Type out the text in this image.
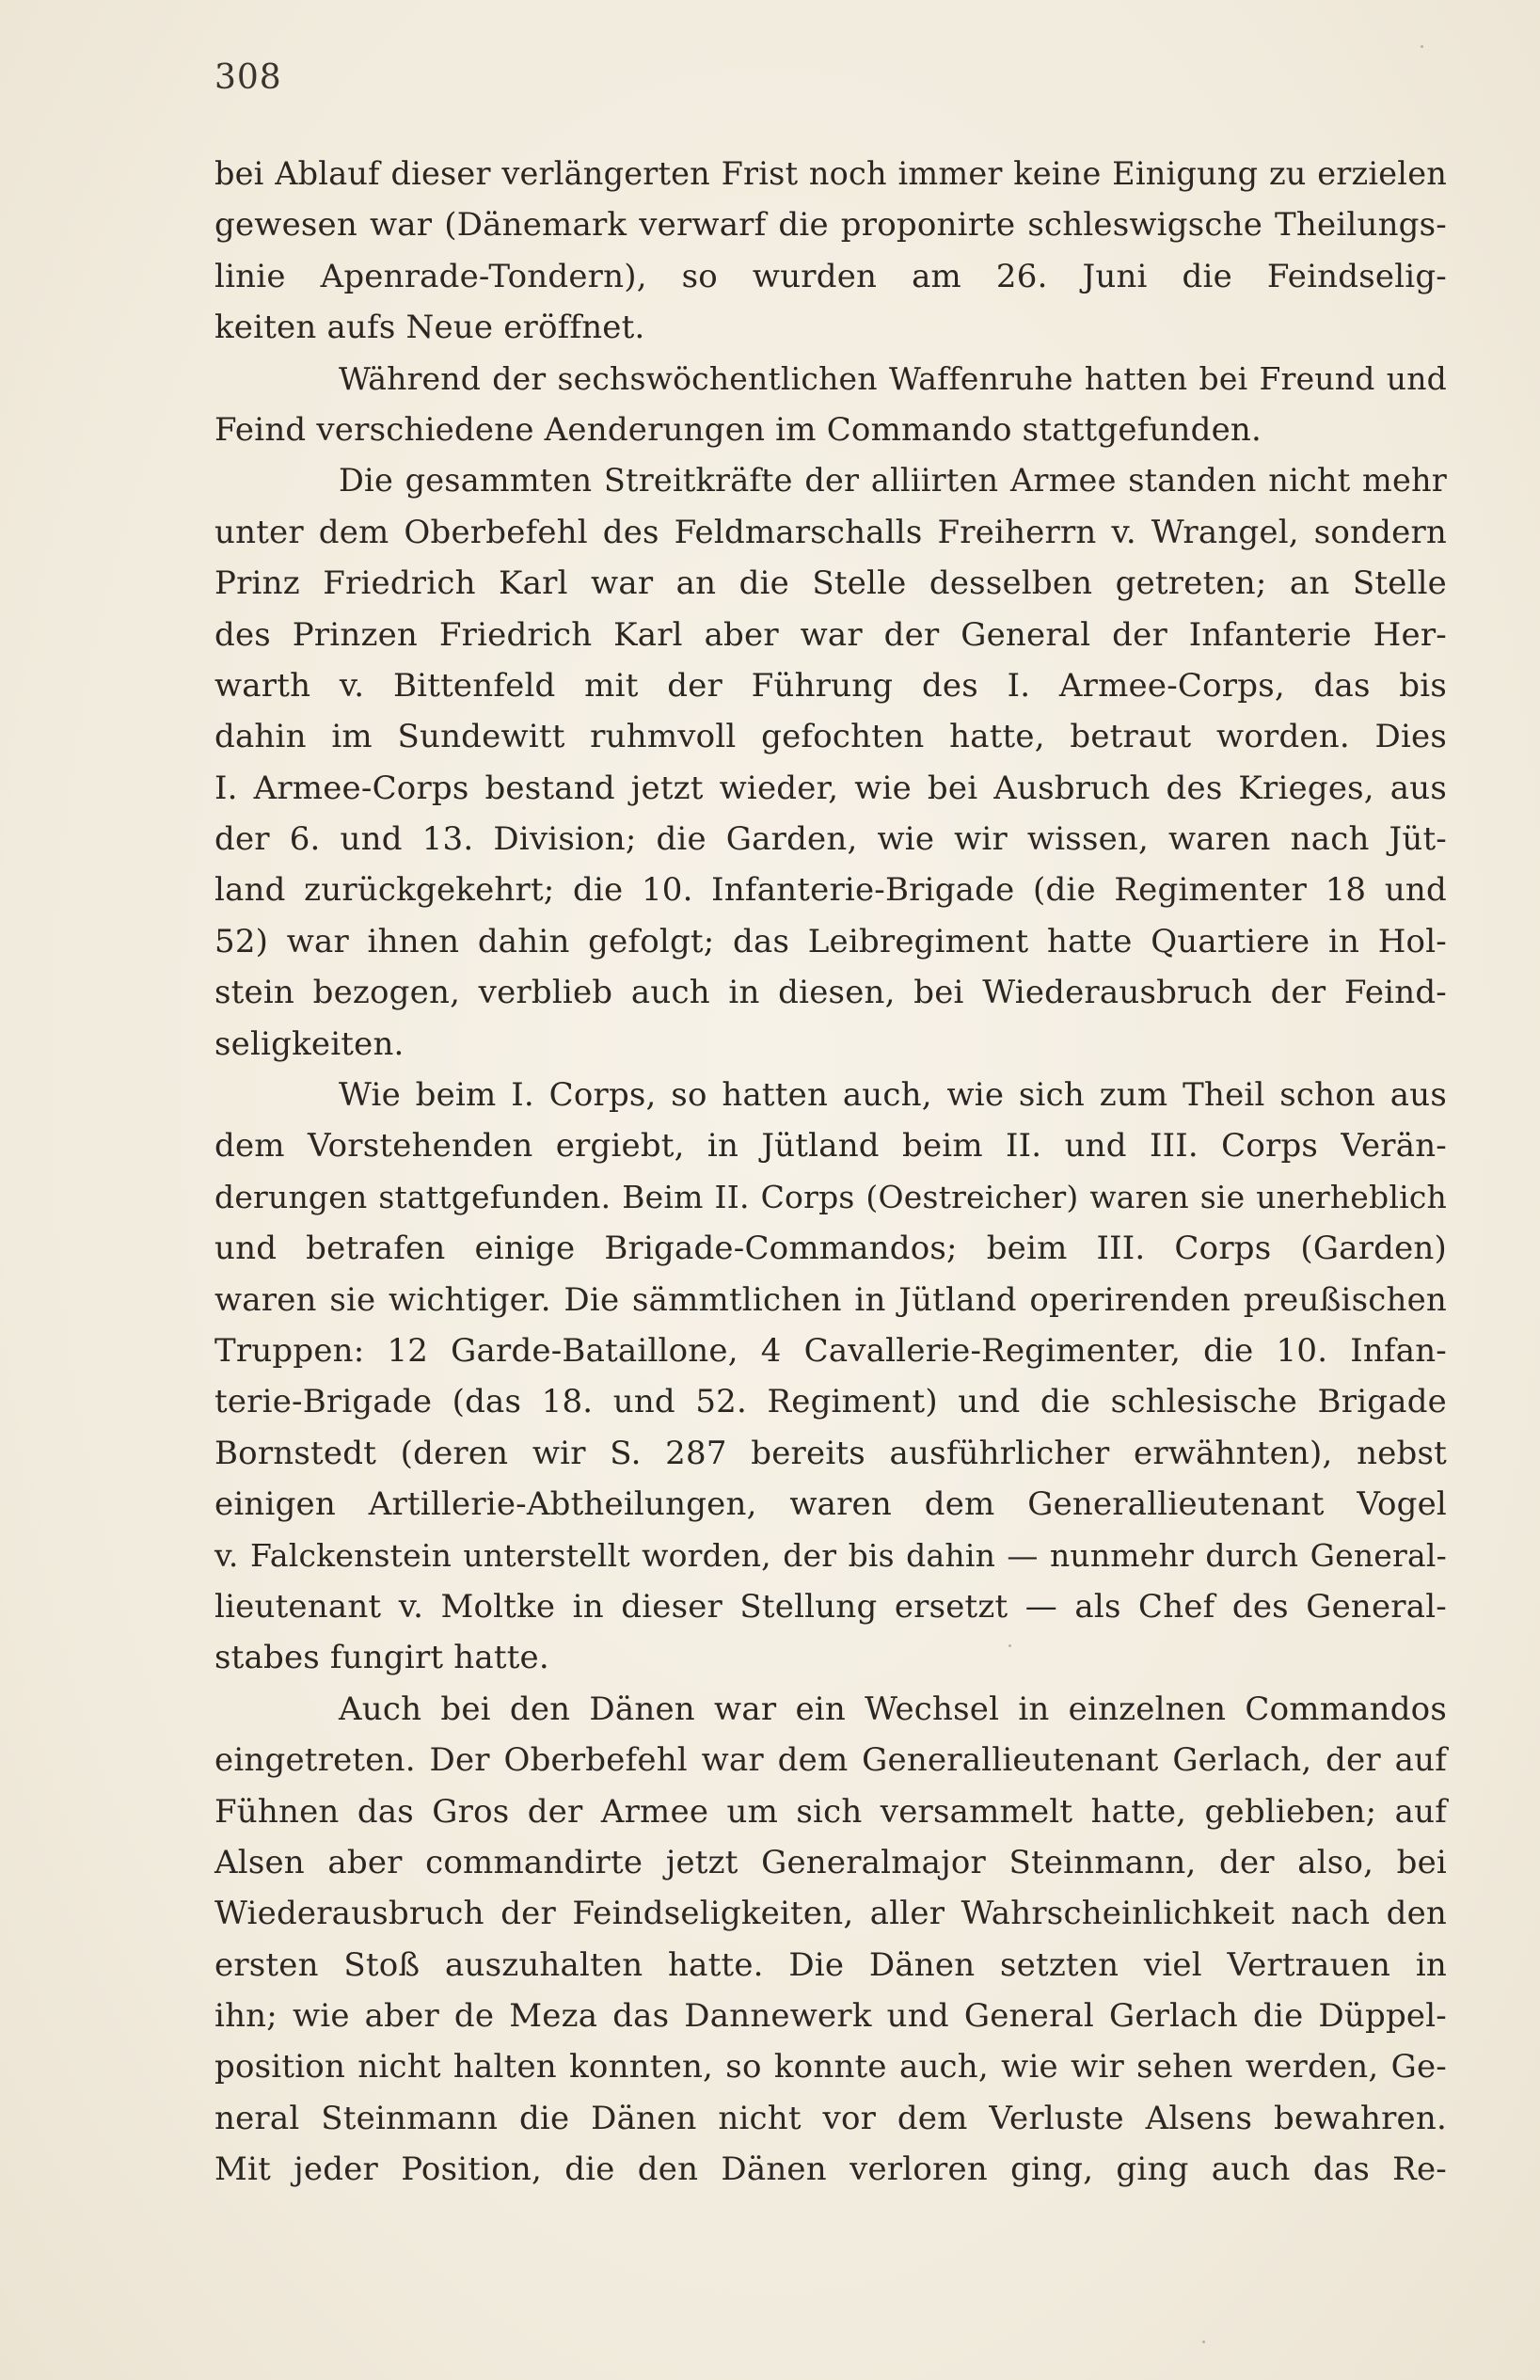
308
bei Ablauf dieser verlängerten Frist noch immer keine Einigung zu erzielen
gewesen war (Dänemark verwarf die proponirte schleswigsche Theilungs-
linie Apenrade-Tondern), so wurden am 26. Juni die Feindselig-
keiten aufs Neue eröffnet.
Während der sechswöchentlichen Waffenruhe hatten bei Freund und
Feind verschiedene Aenderungen im Commando stattgefunden.
Die gesammten Streitkräfte der alliirten Armee standen nicht mehr
unter dem Oberbefehl des Feldmarschalls Freiherrn v. Wrangel, sondern
Prinz Friedrich Karl war an die Stelle desselben getreten; an Stelle
des Prinzen Friedrich Karl aber war der General der Infanterie Her-
warth v. Bittenfeld mit der Führung des I. Armee-Corps, das bis
dahin im Sundewitt ruhmvoll gefochten hatte, betraut worden. Dies
I. Armee-Corps bestand jetzt wieder, wie bei Ausbruch des Krieges, aus
der 6. und 13. Division; die Garden, wie wir wissen, waren nach Jüt-
land zurückgekehrt; die 10. Infanterie-Brigade (die Regimenter 18 und
52) war ihnen dahin gefolgt; das Leibregiment hatte Quartiere in Hol-
stein bezogen, verblieb auch in diesen, bei Wiederausbruch der Feind-
seligkeiten.
Wie beim I. Corps, so hatten auch, wie sich zum Theil schon aus
dem Vorstehenden ergiebt, in Jütland beim II. und III. Corps Verän-
derungen stattgefunden. Beim II. Corps (Oestreicher) waren sie unerheblich
und betrafen einige Brigade-Commandos; beim III. Corps (Garden)
waren sie wichtiger. Die sämmtlichen in Jütland operirenden preußischen
Truppen: 12 Garde-Bataillone, 4 Cavallerie-Regimenter, die 10. Infan-
terie-Brigade (das 18. und 52. Regiment) und die schlesische Brigade
Bornstedt (deren wir S. 287 bereits ausführlicher erwähnten), nebst
einigen Artillerie-Abtheilungen, waren dem Generallieutenant Vogel
v. Falckenstein unterstellt worden, der bis dahin — nunmehr durch General-
lieutenant v. Moltke in dieser Stellung ersetzt — als Chef des General-
stabes fungirt hatte.
Auch bei den Dänen war ein Wechsel in einzelnen Commandos
eingetreten. Der Oberbefehl war dem Generallieutenant Gerlach, der auf
Fühnen das Gros der Armee um sich versammelt hatte, geblieben; auf
Alsen aber commandirte jetzt Generalmajor Steinmann, der also, bei
Wiederausbruch der Feindseligkeiten, aller Wahrscheinlichkeit nach den
ersten Stoß auszuhalten hatte. Die Dänen setzten viel Vertrauen in
ihn; wie aber de Meza das Dannewerk und General Gerlach die Düppel-
position nicht halten konnten, so konnte auch, wie wir sehen werden, Ge-
neral Steinmann die Dänen nicht vor dem Verluste Alsens bewahren.
Mit jeder Position, die den Dänen verloren ging, ging auch das Re-
